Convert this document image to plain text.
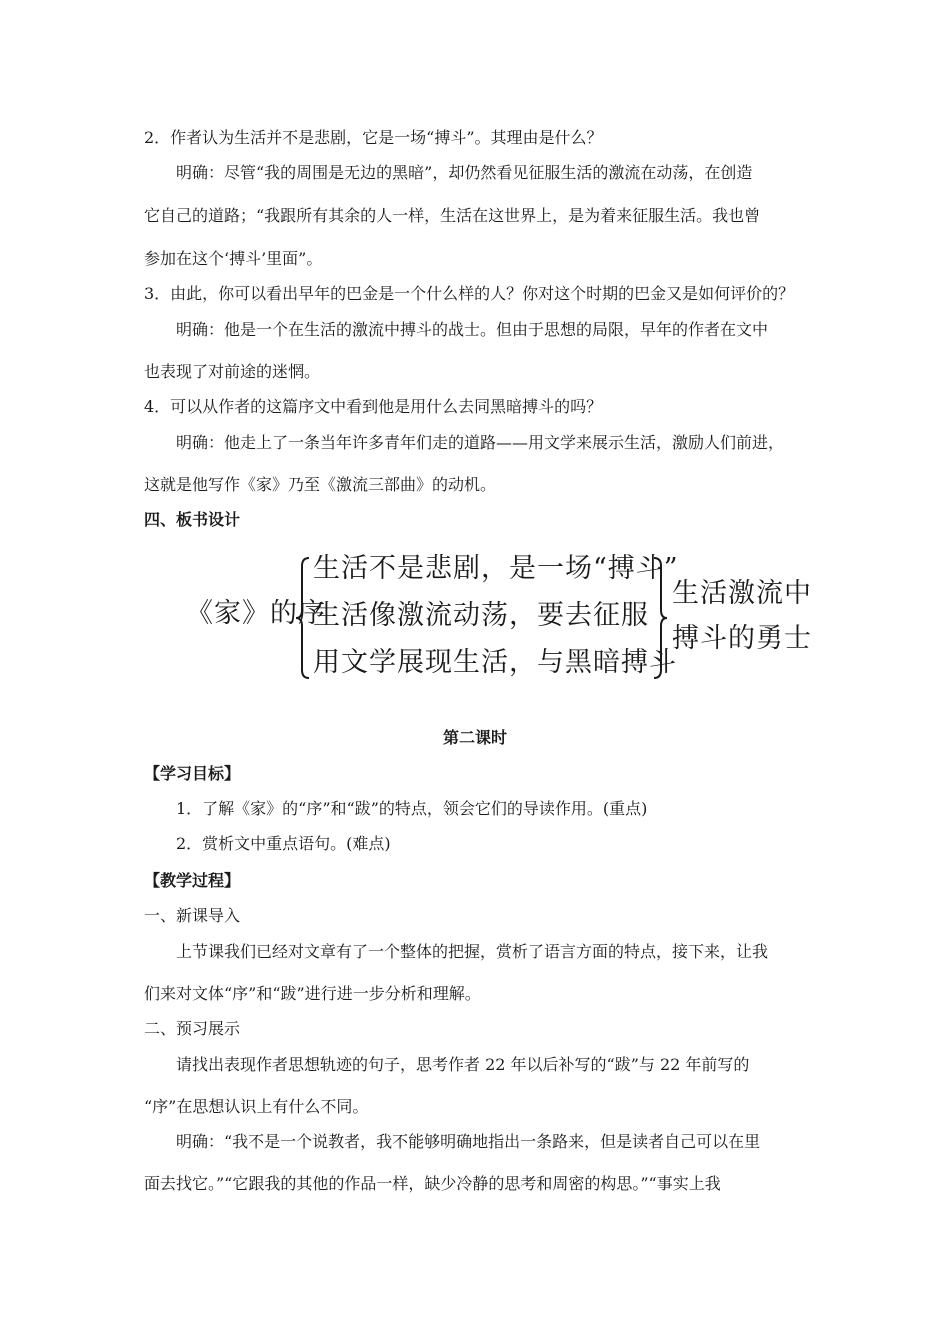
2．作者认为生活并不是悲剧，它是一场“搏斗”。其理由是什么？
明确：尽管“我的周围是无边的黑暗”，却仍然看见征服生活的激流在动荡，在创造
它自己的道路；“我跟所有其余的人一样，生活在这世界上，是为着来征服生活。我也曾
参加在这个‘搏斗’里面”。
3．由此，你可以看出早年的巴金是一个什么样的人？你对这个时期的巴金又是如何评价的？
明确：他是一个在生活的激流中搏斗的战士。但由于思想的局限，早年的作者在文中
也表现了对前途的迷惘。
4．可以从作者的这篇序文中看到他是用什么去同黑暗搏斗的吗？
明确：他走上了一条当年许多青年们走的道路——用文学来展示生活，激励人们前进，
这就是他写作《家》乃至《激流三部曲》的动机。
四、板书设计
《家》的序
生活不是悲剧，是一场“搏斗”
生活像激流动荡，要去征服
用文学展现生活，与黑暗搏斗
生活激流中
搏斗的勇士
第二课时
【学习目标】
1．了解《家》的“序”和“跋”的特点，领会它们的导读作用。(重点)
2．赏析文中重点语句。(难点)
【教学过程】
一、新课导入
上节课我们已经对文章有了一个整体的把握，赏析了语言方面的特点，接下来，让我
们来对文体“序”和“跋”进行进一步分析和理解。
二、预习展示
请找出表现作者思想轨迹的句子，思考作者 22 年以后补写的“跋”与 22 年前写的
“序”在思想认识上有什么不同。
明确：“我不是一个说教者，我不能够明确地指出一条路来，但是读者自己可以在里
面去找它。”“它跟我的其他的作品一样，缺少冷静的思考和周密的构思。”“事实上我
